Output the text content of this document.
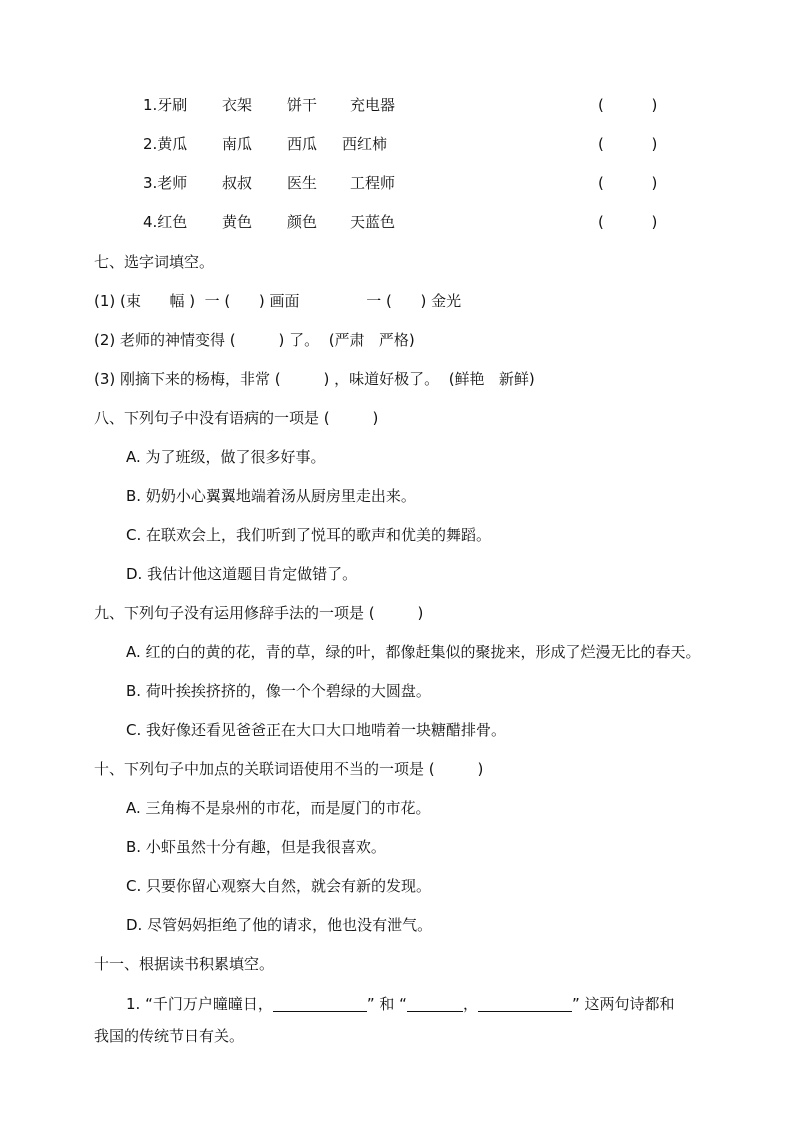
1.牙刷 衣架 饼干 充电器	(          )
2.黄瓜 南瓜 西瓜 西红柿	(          )
3.老师 叔叔 医生 工程师	(          )
4.红色 黄色 颜色 天蓝色	(          )
七、选字词填空。
(1) (束      幅 )  一 (      ) 画面              一 (      ) 金光
(2) 老师的神情变得 (         ) 了。  (严肃   严格)
(3) 刚摘下来的杨梅，非常 (         ) ，味道好极了。  (鲜艳   新鲜)
八、下列句子中没有语病的一项是 (         )
A. 为了班级，做了很多好事。
B. 奶奶小心翼翼地端着汤从厨房里走出来。
C. 在联欢会上，我们听到了悦耳的歌声和优美的舞蹈。
D. 我估计他这道题目肯定做错了。
九、下列句子没有运用修辞手法的一项是 (         )
A. 红的白的黄的花，青的草，绿的叶，都像赶集似的聚拢来，形成了烂漫无比的春天。
B. 荷叶挨挨挤挤的，像一个个碧绿的大圆盘。
C. 我好像还看见爸爸正在大口大口地啃着一块糖醋排骨。
十、下列句子中加点的关联词语使用不当的一项是 (         )
A. 三角梅不是泉州的市花，而是厦门的市花。
B. 小虾虽然十分有趣，但是我很喜欢。
C. 只要你留心观察大自然，就会有新的发现。
D. 尽管妈妈拒绝了他的请求，他也没有泄气。
十一、根据读书积累填空。
1. “千门万户曈曈日，	” 和 “	，	” 这两句诗都和
我国的传统节日有关。
